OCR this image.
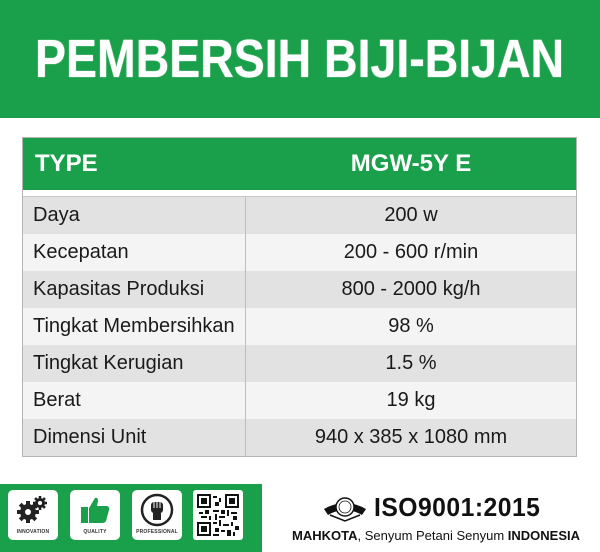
PEMBERSIH BIJI-BIJAN
TYPE	MGW-5Y E
Daya	200 w
Kecepatan	200 - 600 r/min
Kapasitas Produksi	800 - 2000 kg/h
Tingkat Membersihkan	98 %
Tingkat Kerugian	1.5 %
Berat	19 kg
Dimensi Unit	940 x 385 x 1080 mm
INNOVATION	QUALITY	PROFESSIONAL
ISO9001:2015
MAHKOTA, Senyum Petani Senyum INDONESIA
